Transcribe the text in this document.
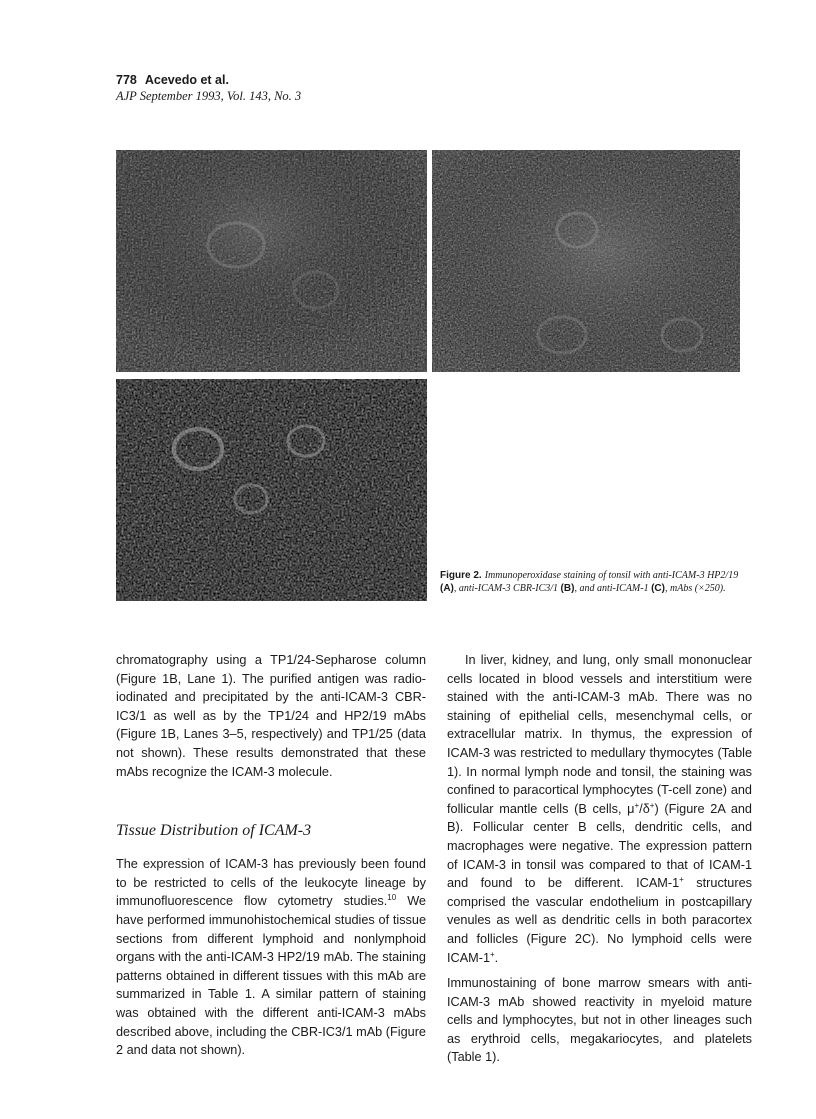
778 Acevedo et al.
AJP September 1993, Vol. 143, No. 3
Figure 2. Immunoperoxidase staining of tonsil with anti-ICAM-3 HP2/19 (A), anti-ICAM-3 CBR-IC3/1 (B), and anti-ICAM-1 (C), mAbs (×250).

chromatography using a TP1/24-Sepharose column (Figure 1B, Lane 1). The purified antigen was radio-iodinated and precipitated by the anti-ICAM-3 CBR-IC3/1 as well as by the TP1/24 and HP2/19 mAbs (Figure 1B, Lanes 3–5, respectively) and TP1/25 (data not shown). These results demonstrated that these mAbs recognize the ICAM-3 molecule.

Tissue Distribution of ICAM-3

The expression of ICAM-3 has previously been found to be restricted to cells of the leukocyte lineage by immunofluorescence flow cytometry studies.$^{10}$ We have performed immunohistochemical studies of tissue sections from different lymphoid and nonlymphoid organs with the anti-ICAM-3 HP2/19 mAb. The staining patterns obtained in different tissues with this mAb are summarized in Table 1. A similar pattern of staining was obtained with the different anti-ICAM-3 mAbs described above, including the CBR-IC3/1 mAb (Figure 2 and data not shown).

In liver, kidney, and lung, only small mononuclear cells located in blood vessels and interstitium were stained with the anti-ICAM-3 mAb. There was no staining of epithelial cells, mesenchymal cells, or extracellular matrix. In thymus, the expression of ICAM-3 was restricted to medullary thymocytes (Table 1). In normal lymph node and tonsil, the staining was confined to paracortical lymphocytes (T-cell zone) and follicular mantle cells (B cells, μ+/δ+) (Figure 2A and B). Follicular center B cells, dendritic cells, and macrophages were negative. The expression pattern of ICAM-3 in tonsil was compared to that of ICAM-1 and found to be different. ICAM-1+ structures comprised the vascular endothelium in postcapillary venules as well as dendritic cells in both paracortex and follicles (Figure 2C). No lymphoid cells were ICAM-1+.

Immunostaining of bone marrow smears with anti-ICAM-3 mAb showed reactivity in myeloid mature cells and lymphocytes, but not in other lineages such as erythroid cells, megakariocytes, and platelets (Table 1).
